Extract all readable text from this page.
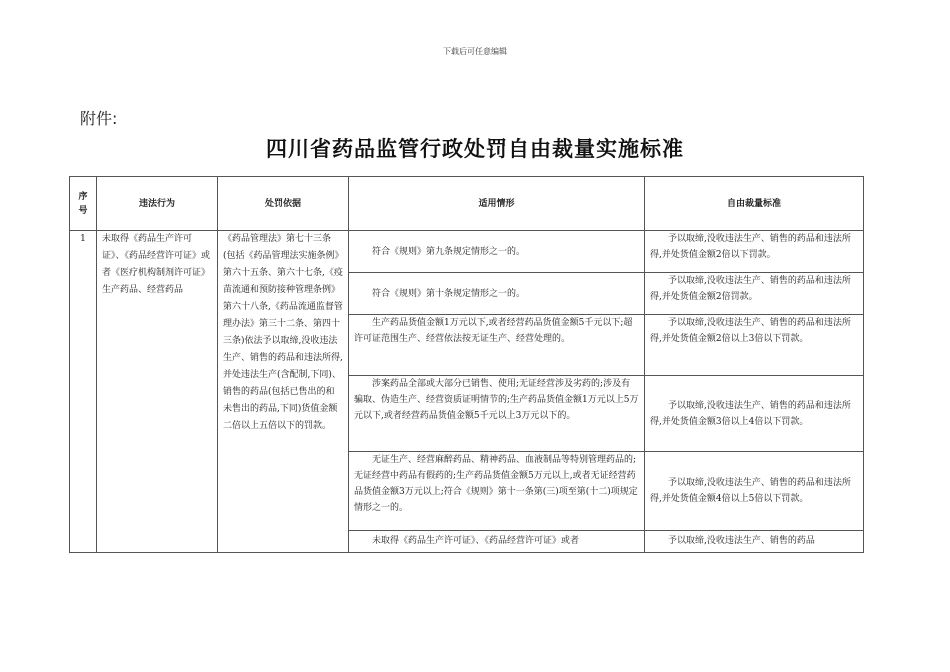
下载后可任意编辑
附件:
四川省药品监管行政处罚自由裁量实施标准
序号	违法行为	处罚依据	适用情形	自由裁量标准
1	未取得《药品生产许可证》、《药品经营许可证》或者《医疗机构制剂许可证》生产药品、经营药品	《药品管理法》第七十三条(包括《药品管理法实施条例》第六十五条、第六十七条,《疫苗流通和预防接种管理条例》第六十八条,《药品流通监督管理办法》第三十二条、第四十三条)依法予以取缔,没收违法生产、销售的药品和违法所得,并处违法生产(含配制,下同)、销售的药品(包括已售出的和未售出的药品,下同)货值金额二倍以上五倍以下的罚款。	符合《规则》第九条规定情形之一的。	予以取缔,没收违法生产、销售的药品和违法所得,并处货值金额2倍以下罚款。
			符合《规则》第十条规定情形之一的。	予以取缔,没收违法生产、销售的药品和违法所得,并处货值金额2倍罚款。
			生产药品货值金额1万元以下,或者经营药品货值金额5千元以下;超许可证范围生产、经营依法按无证生产、经营处理的。	予以取缔,没收违法生产、销售的药品和违法所得,并处货值金额2倍以上3倍以下罚款。
			涉案药品全部或大部分已销售、使用;无证经营涉及劣药的;涉及有骗取、伪造生产、经营资质证明情节的;生产药品货值金额1万元以上5万元以下,或者经营药品货值金额5千元以上3万元以下的。	予以取缔,没收违法生产、销售的药品和违法所得,并处货值金额3倍以上4倍以下罚款。
			无证生产、经营麻醉药品、精神药品、血液制品等特别管理药品的;无证经营中药品有假药的;生产药品货值金额5万元以上,或者无证经营药品货值金额3万元以上;符合《规则》第十一条第(三)项至第(十二)项规定情形之一的。	予以取缔,没收违法生产、销售的药品和违法所得,并处货值金额4倍以上5倍以下罚款。
			未取得《药品生产许可证》、《药品经营许可证》或者	予以取缔,没收违法生产、销售的药品
